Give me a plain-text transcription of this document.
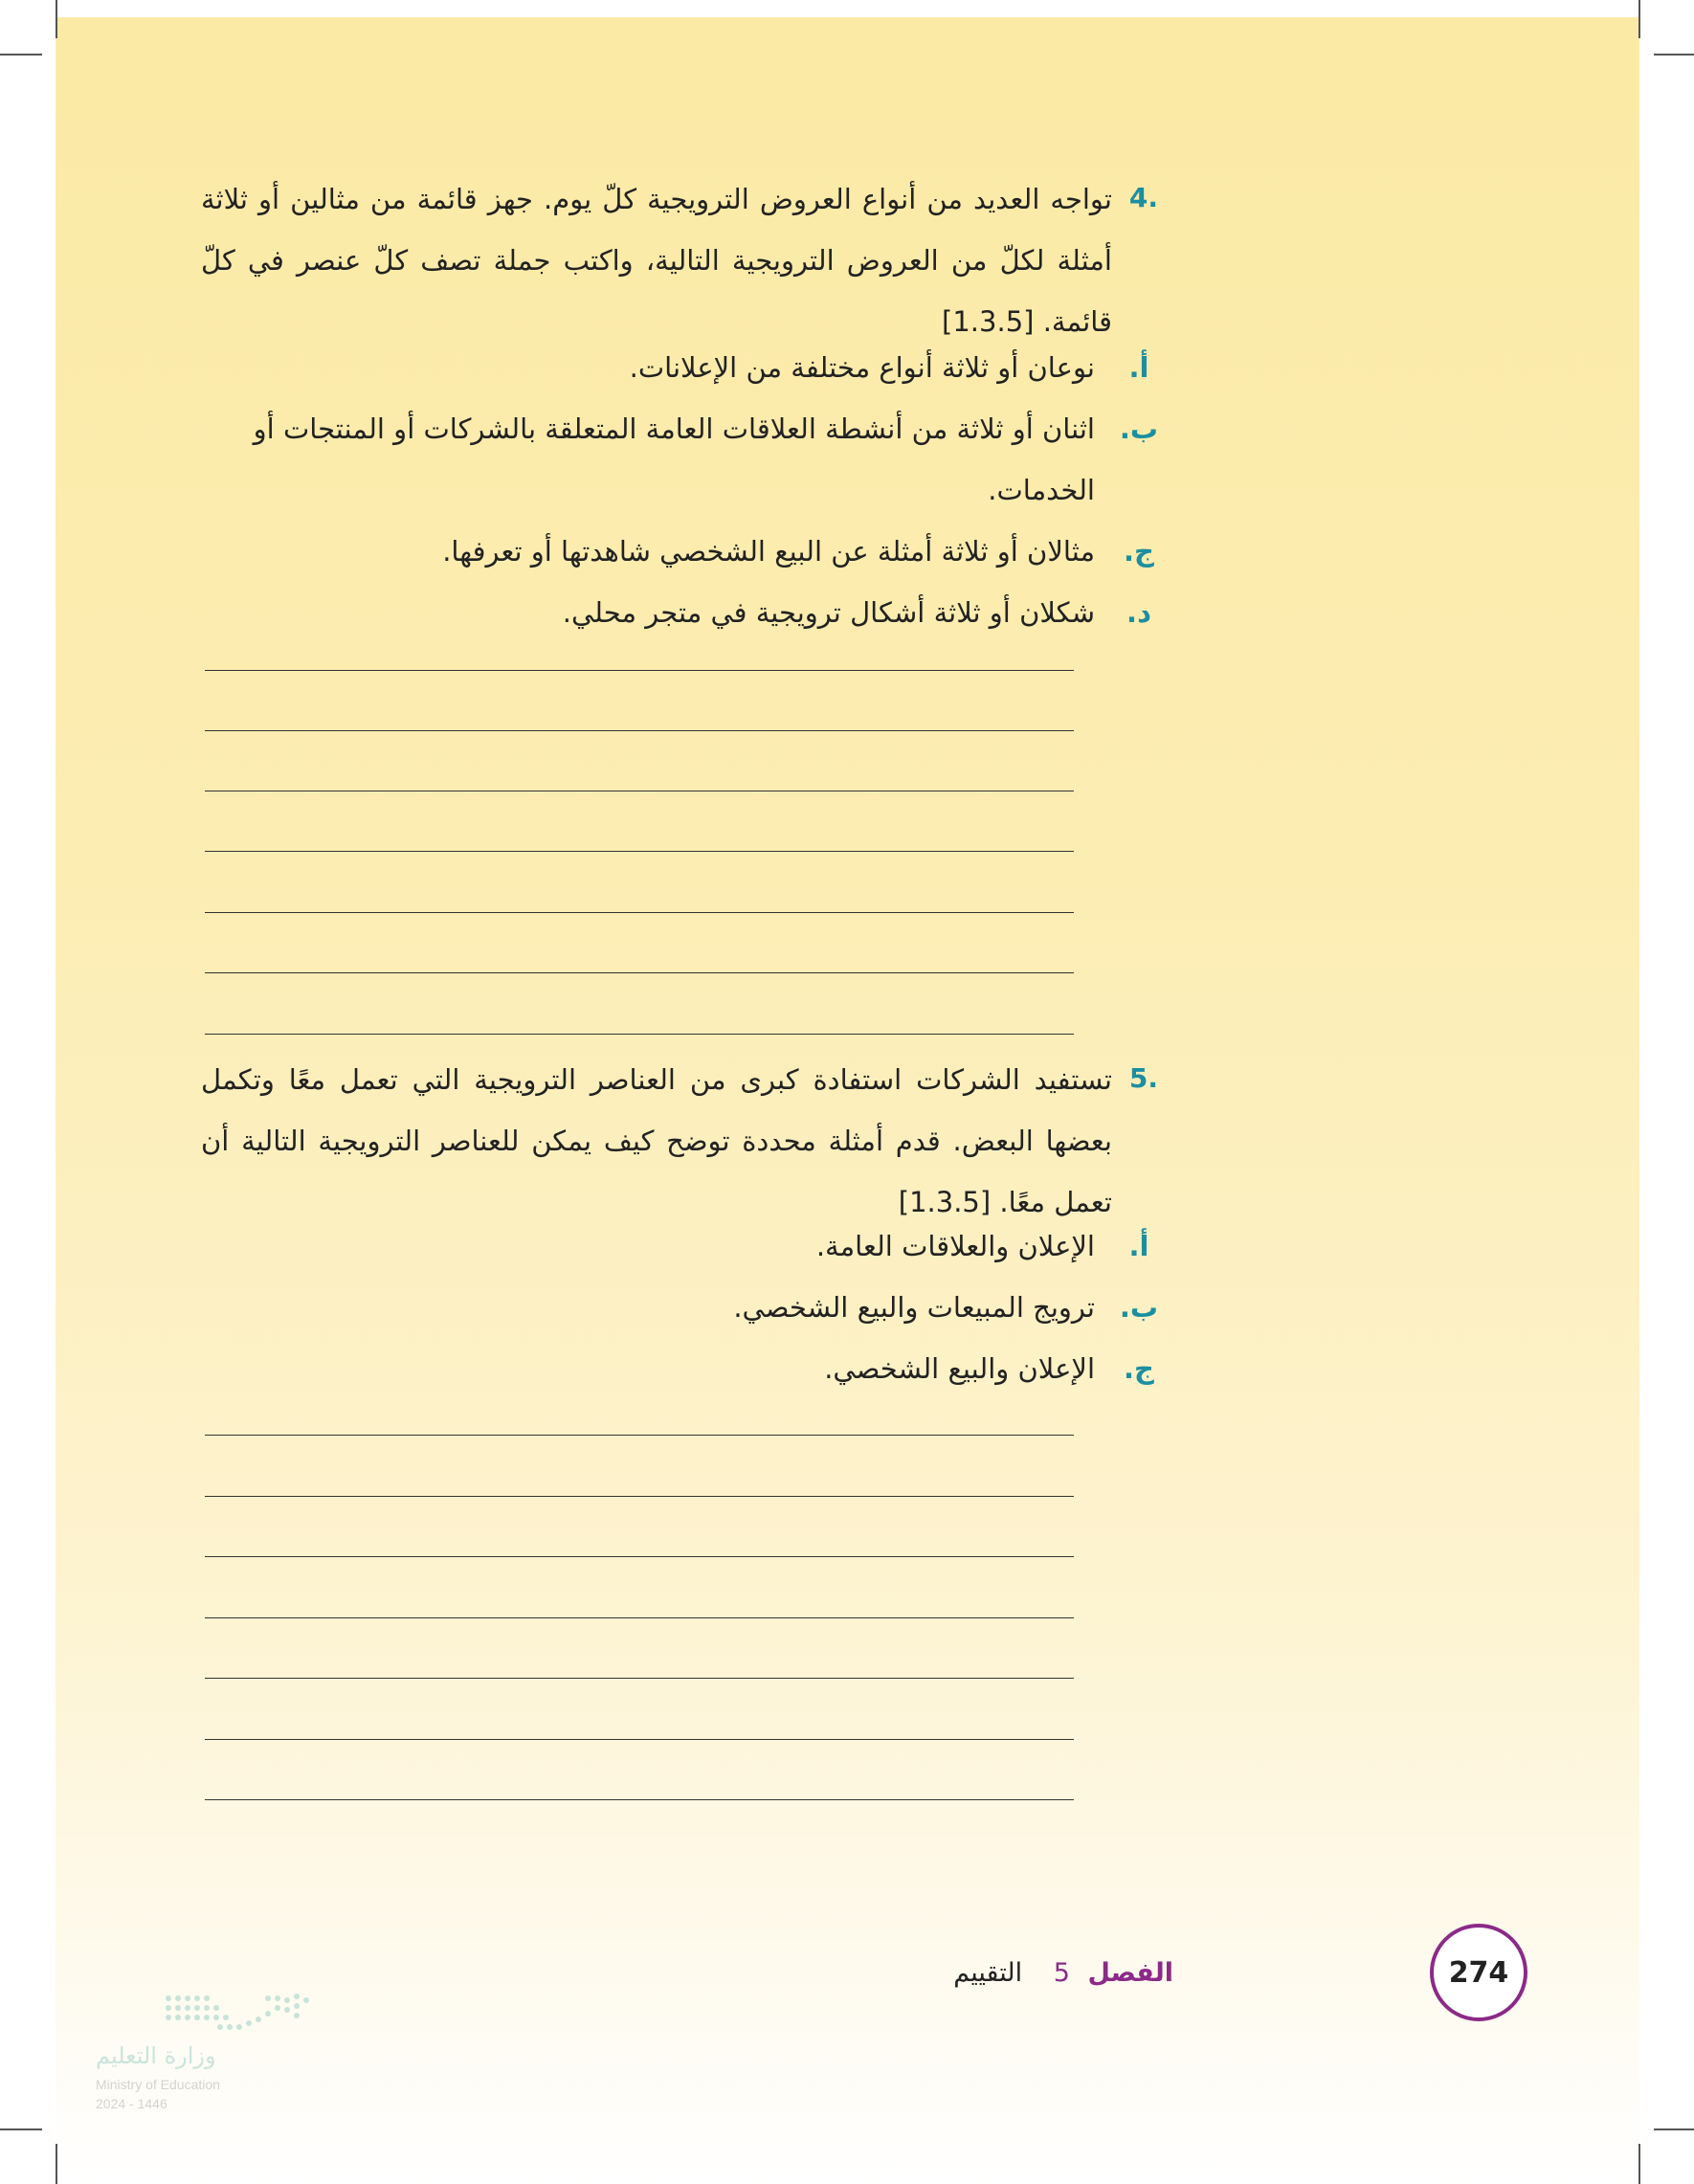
.4
تواجه العديد من أنواع العروض الترويجية كلّ يوم. جهز قائمة من مثالين أو ثلاثة أمثلة لكلّ من العروض الترويجية التالية، واكتب جملة تصف كلّ عنصر في كلّ قائمة. [1.3.5]
أ.
نوعان أو ثلاثة أنواع مختلفة من الإعلانات.
ب.
اثنان أو ثلاثة من أنشطة العلاقات العامة المتعلقة بالشركات أو المنتجات أو الخدمات.
ج.
مثالان أو ثلاثة أمثلة عن البيع الشخصي شاهدتها أو تعرفها.
د.
شكلان أو ثلاثة أشكال ترويجية في متجر محلي.
.5
تستفيد الشركات استفادة كبرى من العناصر الترويجية التي تعمل معًا وتكمل بعضها البعض. قدم أمثلة محددة توضح كيف يمكن للعناصر الترويجية التالية أن تعمل معًا. [1.3.5]
أ.
الإعلان والعلاقات العامة.
ب.
ترويج المبيعات والبيع الشخصي.
ج.
الإعلان والبيع الشخصي.
274
الفصل 5 التقييم
وزارة التعليم
Ministry of Education
2024 - 1446
